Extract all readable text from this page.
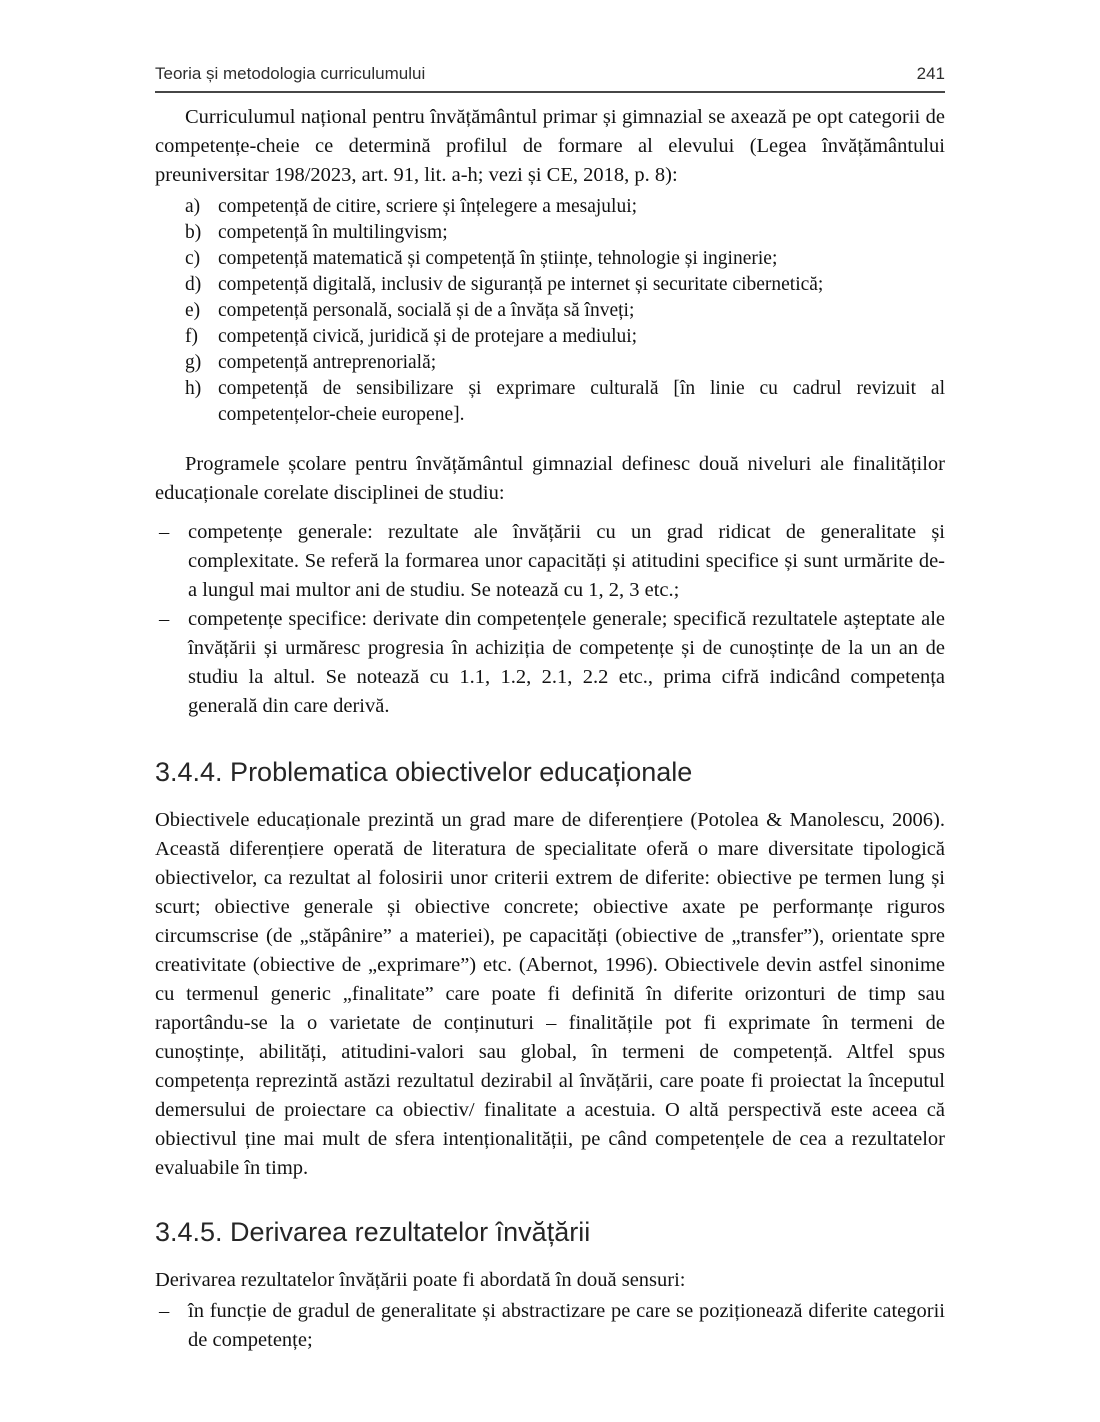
Teoria și metodologia curriculumului	241

Curriculumul național pentru învățământul primar și gimnazial se axează pe opt categorii de competențe-cheie ce determină profilul de formare al elevului (Legea învățământului preuniversitar 198/2023, art. 91, lit. a-h; vezi și CE, 2018, p. 8):

a) competență de citire, scriere și înțelegere a mesajului;
b) competență în multilingvism;
c) competență matematică și competență în științe, tehnologie și inginerie;
d) competență digitală, inclusiv de siguranță pe internet și securitate cibernetică;
e) competență personală, socială și de a învăța să înveți;
f) competență civică, juridică și de protejare a mediului;
g) competență antreprenorială;
h) competență de sensibilizare și exprimare culturală [în linie cu cadrul revizuit al competențelor-cheie europene].

Programele școlare pentru învățământul gimnazial definesc două niveluri ale finalităților educaționale corelate disciplinei de studiu:

– competențe generale: rezultate ale învățării cu un grad ridicat de generalitate și complexitate. Se referă la formarea unor capacități și atitudini specifice și sunt urmărite de-a lungul mai multor ani de studiu. Se notează cu 1, 2, 3 etc.;
– competențe specifice: derivate din competențele generale; specifică rezultatele așteptate ale învățării și urmăresc progresia în achiziția de competențe și de cunoștințe de la un an de studiu la altul. Se notează cu 1.1, 1.2, 2.1, 2.2 etc., prima cifră indicând competența generală din care derivă.
3.4.4. Problematica obiectivelor educaționale

Obiectivele educaționale prezintă un grad mare de diferențiere (Potolea & Manolescu, 2006). Această diferențiere operată de literatura de specialitate oferă o mare diversitate tipologică obiectivelor, ca rezultat al folosirii unor criterii extrem de diferite: obiective pe termen lung și scurt; obiective generale și obiective concrete; obiective axate pe performanțe riguros circumscrise (de „stăpânire” a materiei), pe capacități (obiective de „transfer”), orientate spre creativitate (obiective de „exprimare”) etc. (Abernot, 1996). Obiectivele devin astfel sinonime cu termenul generic „finalitate” care poate fi definită în diferite orizonturi de timp sau raportându-se la o varietate de conținuturi – finalitățile pot fi exprimate în termeni de cunoștințe, abilități, atitudini-valori sau global, în termeni de competență. Altfel spus competența reprezintă astăzi rezultatul dezirabil al învățării, care poate fi proiectat la începutul demersului de proiectare ca obiectiv/ finalitate a acestuia. O altă perspectivă este aceea că obiectivul ține mai mult de sfera intenționalității, pe când competențele de cea a rezultatelor evaluabile în timp.

3.4.5. Derivarea rezultatelor învățării

Derivarea rezultatelor învățării poate fi abordată în două sensuri:

– în funcție de gradul de generalitate și abstractizare pe care se poziționează diferite categorii de competențe;
